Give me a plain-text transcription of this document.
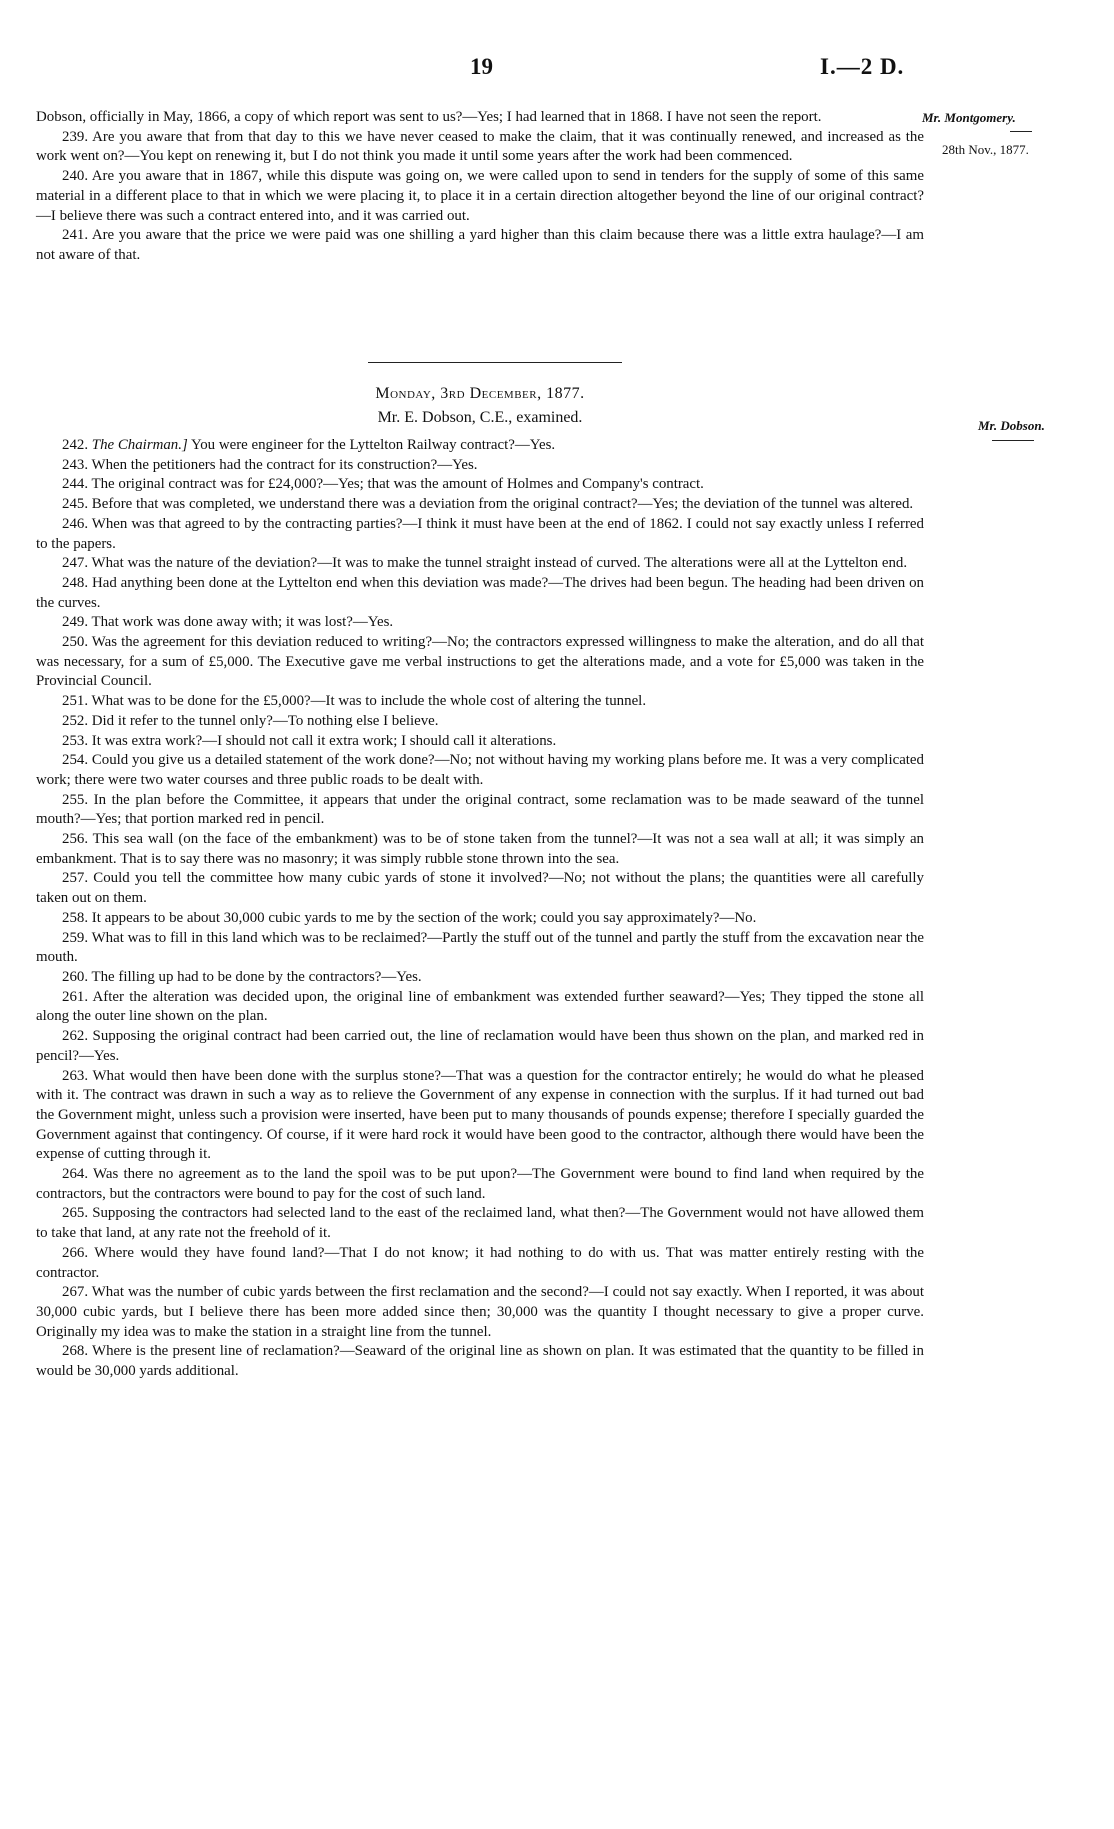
19	I.—2 D.
Mr. Montgomery.
28th Nov., 1877.

Dobson, officially in May, 1866, a copy of which report was sent to us?—Yes; I had learned that in 1868. I have not seen the report.

239. Are you aware that from that day to this we have never ceased to make the claim, that it was continually renewed, and increased as the work went on?—You kept on renewing it, but I do not think you made it until some years after the work had been commenced.

240. Are you aware that in 1867, while this dispute was going on, we were called upon to send in tenders for the supply of some of this same material in a different place to that in which we were placing it, to place it in a certain direction altogether beyond the line of our original contract?—I believe there was such a contract entered into, and it was carried out.

241. Are you aware that the price we were paid was one shilling a yard higher than this claim because there was a little extra haulage?—I am not aware of that.

Monday, 3rd December, 1877.
Mr. E. Dobson, C.E., examined.	Mr. Dobson.

242. The Chairman.] You were engineer for the Lyttelton Railway contract?—Yes.

243. When the petitioners had the contract for its construction?—Yes.

244. The original contract was for £24,000?—Yes; that was the amount of Holmes and Company's contract.

245. Before that was completed, we understand there was a deviation from the original contract?—Yes; the deviation of the tunnel was altered.

246. When was that agreed to by the contracting parties?—I think it must have been at the end of 1862. I could not say exactly unless I referred to the papers.

247. What was the nature of the deviation?—It was to make the tunnel straight instead of curved. The alterations were all at the Lyttelton end.

248. Had anything been done at the Lyttelton end when this deviation was made?—The drives had been begun. The heading had been driven on the curves.

249. That work was done away with; it was lost?—Yes.

250. Was the agreement for this deviation reduced to writing?—No; the contractors expressed willingness to make the alteration, and do all that was necessary, for a sum of £5,000. The Executive gave me verbal instructions to get the alterations made, and a vote for £5,000 was taken in the Provincial Council.

251. What was to be done for the £5,000?—It was to include the whole cost of altering the tunnel.

252. Did it refer to the tunnel only?—To nothing else I believe.

253. It was extra work?—I should not call it extra work; I should call it alterations.

254. Could you give us a detailed statement of the work done?—No; not without having my working plans before me. It was a very complicated work; there were two water courses and three public roads to be dealt with.

255. In the plan before the Committee, it appears that under the original contract, some reclamation was to be made seaward of the tunnel mouth?—Yes; that portion marked red in pencil.

256. This sea wall (on the face of the embankment) was to be of stone taken from the tunnel?—It was not a sea wall at all; it was simply an embankment. That is to say there was no masonry; it was simply rubble stone thrown into the sea.

257. Could you tell the committee how many cubic yards of stone it involved?—No; not without the plans; the quantities were all carefully taken out on them.

258. It appears to be about 30,000 cubic yards to me by the section of the work; could you say approximately?—No.

259. What was to fill in this land which was to be reclaimed?—Partly the stuff out of the tunnel and partly the stuff from the excavation near the mouth.

260. The filling up had to be done by the contractors?—Yes.

261. After the alteration was decided upon, the original line of embankment was extended further seaward?—Yes; They tipped the stone all along the outer line shown on the plan.

262. Supposing the original contract had been carried out, the line of reclamation would have been thus shown on the plan, and marked red in pencil?—Yes.

263. What would then have been done with the surplus stone?—That was a question for the contractor entirely; he would do what he pleased with it. The contract was drawn in such a way as to relieve the Government of any expense in connection with the surplus. If it had turned out bad the Government might, unless such a provision were inserted, have been put to many thousands of pounds expense; therefore I specially guarded the Government against that contingency. Of course, if it were hard rock it would have been good to the contractor, although there would have been the expense of cutting through it.

264. Was there no agreement as to the land the spoil was to be put upon?—The Government were bound to find land when required by the contractors, but the contractors were bound to pay for the cost of such land.

265. Supposing the contractors had selected land to the east of the reclaimed land, what then?—The Government would not have allowed them to take that land, at any rate not the freehold of it.

266. Where would they have found land?—That I do not know; it had nothing to do with us. That was matter entirely resting with the contractor.

267. What was the number of cubic yards between the first reclamation and the second?—I could not say exactly. When I reported, it was about 30,000 cubic yards, but I believe there has been more added since then; 30,000 was the quantity I thought necessary to give a proper curve. Originally my idea was to make the station in a straight line from the tunnel.

268. Where is the present line of reclamation?—Seaward of the original line as shown on plan. It was estimated that the quantity to be filled in would be 30,000 yards additional.
